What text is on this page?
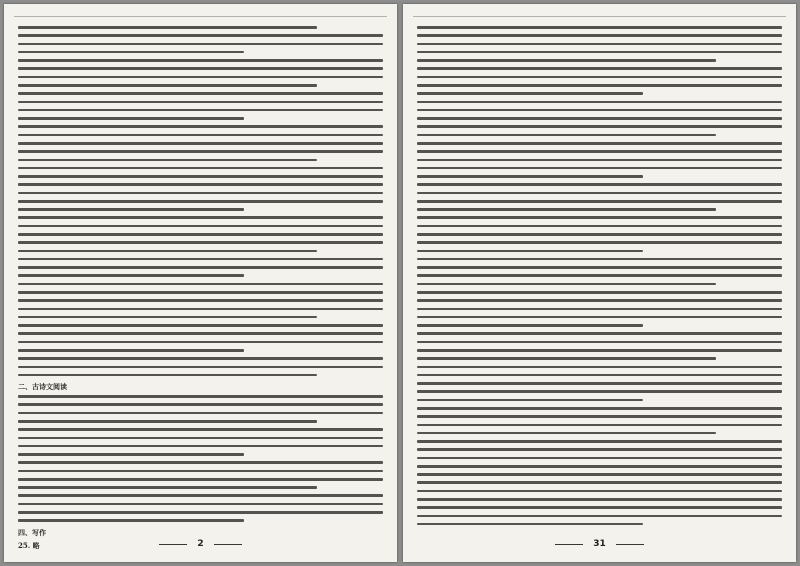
二、古诗文阅读
四、写作
25. 略	2	31
